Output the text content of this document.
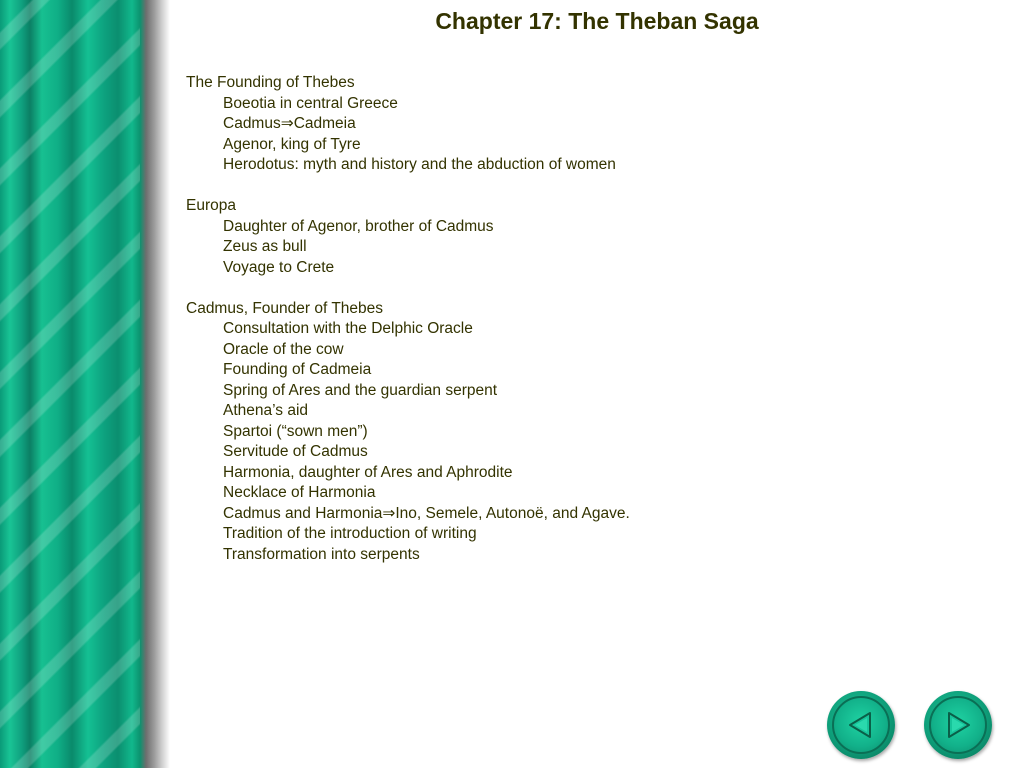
Chapter 17: The Theban Saga
The Founding of Thebes
Boeotia in central Greece
Cadmus⇒Cadmeia
Agenor, king of Tyre
Herodotus: myth and history and the abduction of women
Europa
Daughter of Agenor, brother of Cadmus
Zeus as bull
Voyage to Crete
Cadmus, Founder of Thebes
Consultation with the Delphic Oracle
Oracle of the cow
Founding of Cadmeia
Spring of Ares and the guardian serpent
Athena’s aid
Spartoi (“sown men”)
Servitude of Cadmus
Harmonia, daughter of Ares and Aphrodite
Necklace of Harmonia
Cadmus and Harmonia⇒Ino, Semele, Autonoë, and Agave.
Tradition of the introduction of writing
Transformation into serpents
